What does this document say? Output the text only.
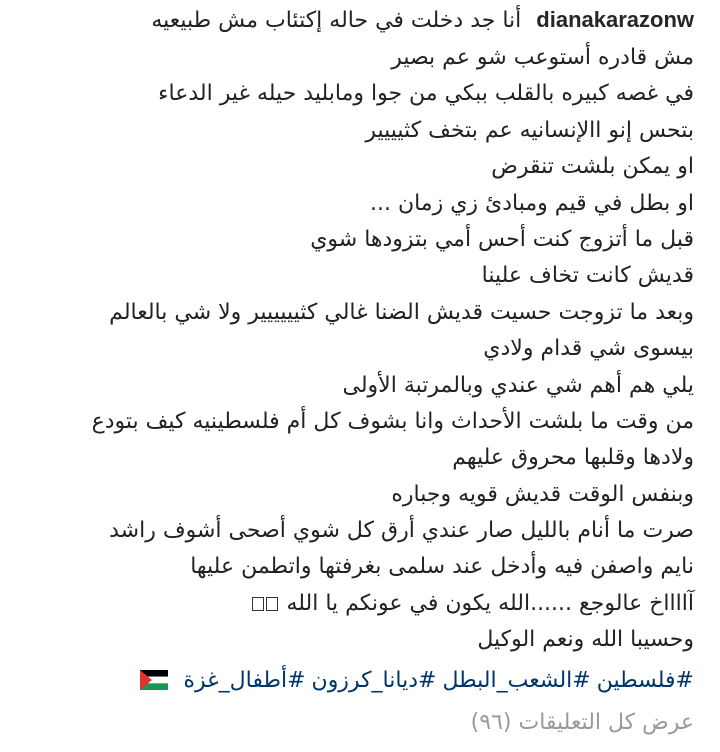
dianakarazonw أنا جد دخلت في حاله إكتئاب مش طبيعيه
مش قادره أستوعب شو عم بصير
في غصه كبيره بالقلب ببكي من جوا ومابليد حيله غير الدعاء
بتحس إنو االإنسانيه عم بتخف كثيييير
او يمكن بلشت تنقرض
او بطل في قيم ومبادئ زي زمان ...
قبل ما أتزوج كنت أحس أمي بتزودها شوي
قديش كانت تخاف علينا
وبعد ما تزوجت حسيت قديش الضنا غالي كثيييييير ولا شي بالعالم
بيسوى شي قدام ولادي
يلي هم أهم شي عندي وبالمرتبة الأولى
من وقت ما بلشت الأحداث وانا بشوف كل أم فلسطينيه كيف بتودع
ولادها وقلبها محروق عليهم
وبنفس الوقت قديش قويه وجباره
صرت ما أنام بالليل صار عندي أرق كل شوي أصحى أشوف راشد
نايم واصفن فيه وأدخل عند سلمى بغرفتها واتطمن عليها
آااااخ عالوجع ......الله يكون في عونكم يا الله
وحسيبا الله ونعم الوكيل
#فلسطين#الشعب_البطل#ديانا_كرزون#أطفال_غزة
عرض كل التعليقات (٩٦)
